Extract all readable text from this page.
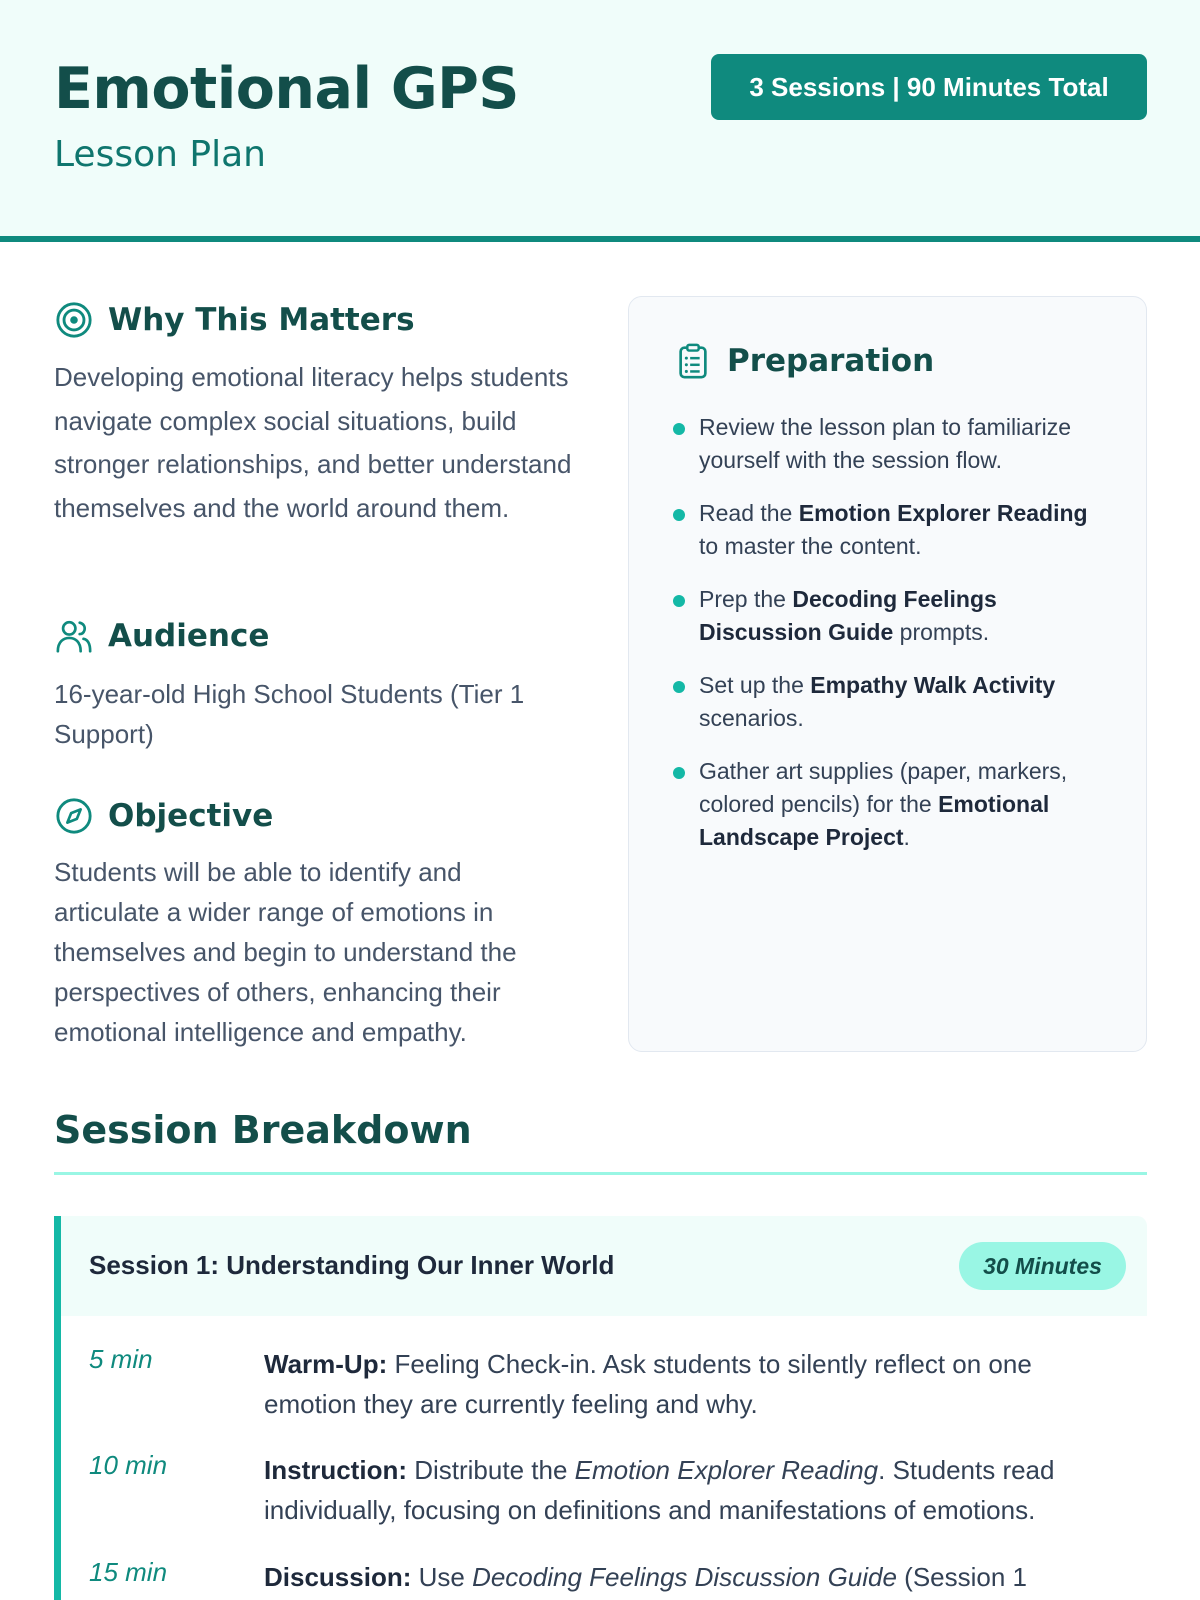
Emotional GPS
Lesson Plan
3 Sessions | 90 Minutes Total
Why This Matters

Developing emotional literacy helps students navigate complex social situations, build stronger relationships, and better understand themselves and the world around them.

Audience

16-year-old High School Students (Tier 1 Support)

Objective

Students will be able to identify and articulate a wider range of emotions in themselves and begin to understand the perspectives of others, enhancing their emotional intelligence and empathy.

Preparation
Review the lesson plan to familiarize yourself with the session flow.
Read the Emotion Explorer Reading to master the content.
Prep the Decoding Feelings Discussion Guide prompts.
Set up the Empathy Walk Activity scenarios.
Gather art supplies (paper, markers, colored pencils) for the Emotional Landscape Project.
Session Breakdown
Session 1: Understanding Our Inner World	30 Minutes
5 min	Warm-Up: Feeling Check-in. Ask students to silently reflect on one emotion they are currently feeling and why.
10 min	Instruction: Distribute the Emotion Explorer Reading. Students read individually, focusing on definitions and manifestations of emotions.
15 min	Discussion: Use Decoding Feelings Discussion Guide (Session 1
